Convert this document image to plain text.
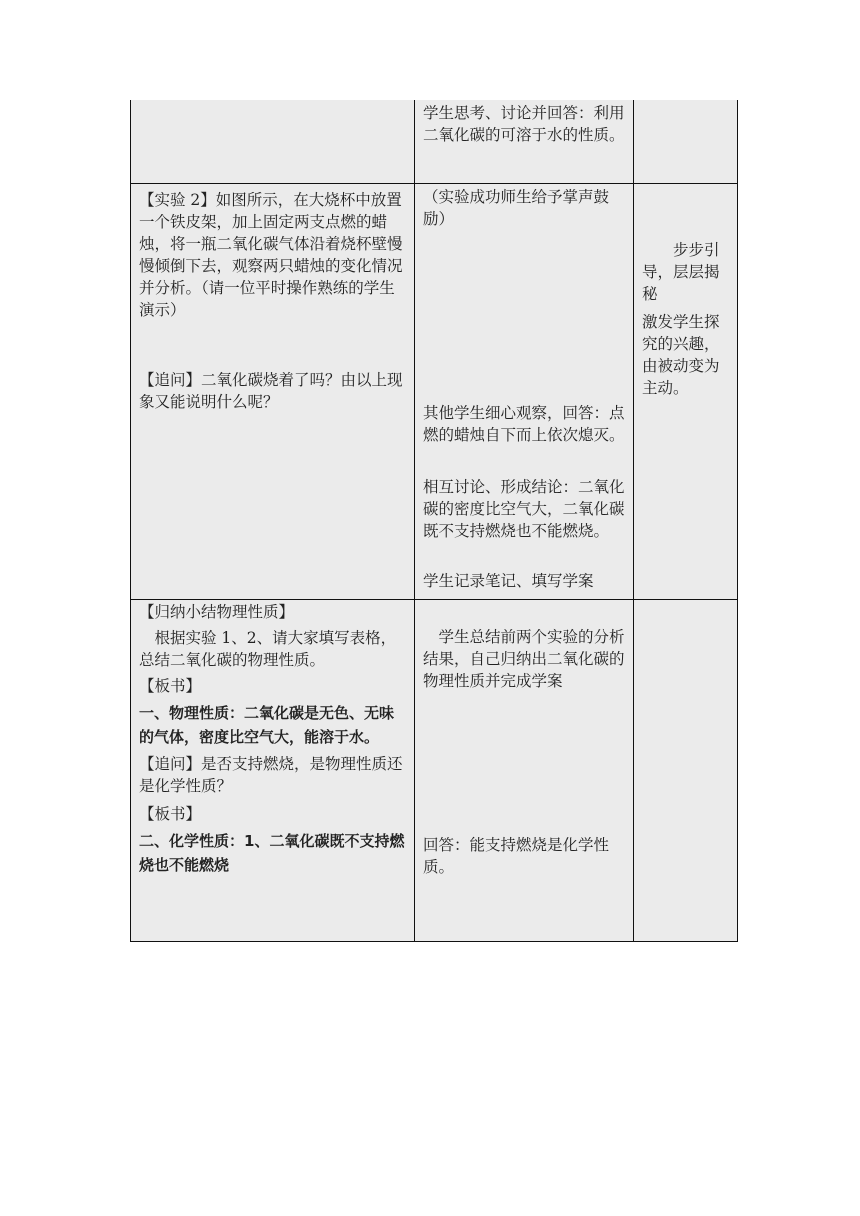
学生思考、讨论并回答：利用二氧化碳的可溶于水的性质。

【实验 2】如图所示，在大烧杯中放置一个铁皮架，加上固定两支点燃的蜡烛，将一瓶二氧化碳气体沿着烧杯壁慢慢倾倒下去，观察两只蜡烛的变化情况并分析。（请一位平时操作熟练的学生演示）

【追问】二氧化碳烧着了吗？由以上现象又能说明什么呢？

（实验成功师生给予掌声鼓励）

其他学生细心观察，回答：点燃的蜡烛自下而上依次熄灭。

相互讨论、形成结论：二氧化碳的密度比空气大，二氧化碳既不支持燃烧也不能燃烧。

学生记录笔记、填写学案

步步引导，层层揭秘

激发学生探究的兴趣，由被动变为主动。

【归纳小结物理性质】

根据实验 1、2、请大家填写表格，总结二氧化碳的物理性质。

【板书】

一、物理性质：二氧化碳是无色、无味的气体，密度比空气大，能溶于水。

【追问】是否支持燃烧，是物理性质还是化学性质？

【板书】

二、化学性质：1、二氧化碳既不支持燃烧也不能燃烧

学生总结前两个实验的分析结果，自己归纳出二氧化碳的物理性质并完成学案

回答：能支持燃烧是化学性质。
